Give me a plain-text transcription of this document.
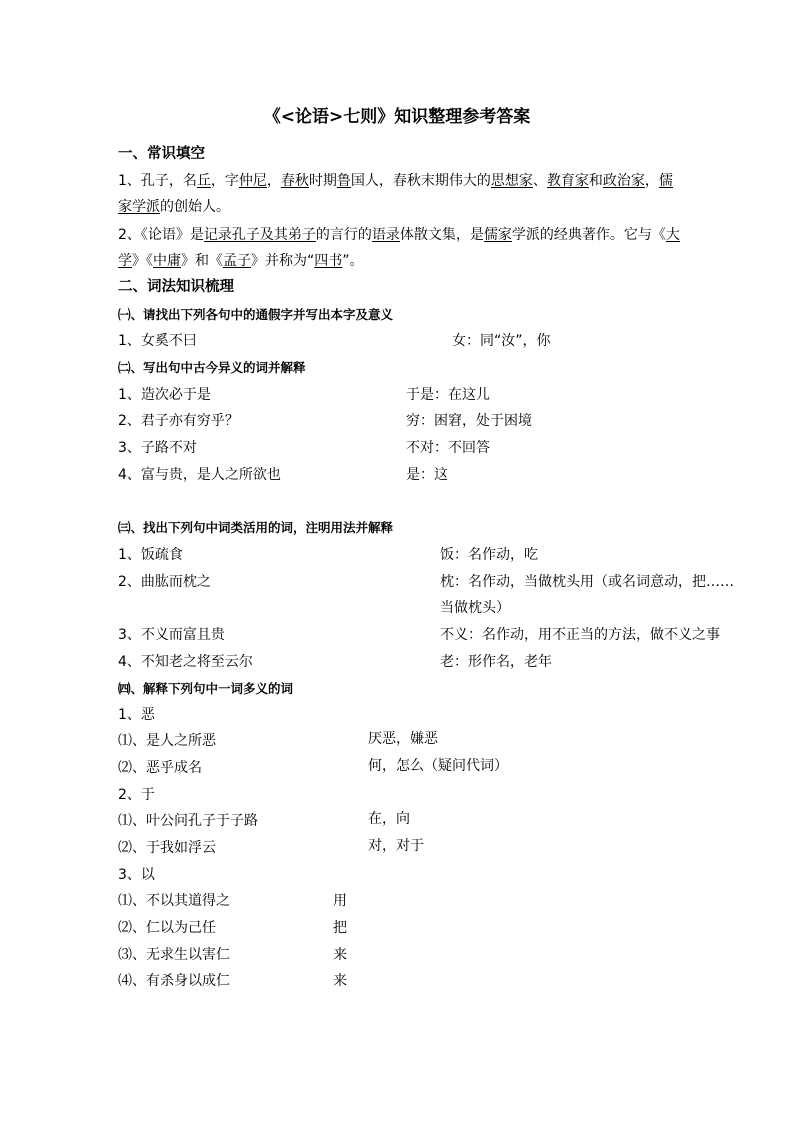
《<论语>七则》知识整理参考答案
一、常识填空
1、孔子，名丘，字仲尼，春秋时期鲁国人，春秋末期伟大的思想家、教育家和政治家，儒
家学派的创始人。
2、《论语》是记录孔子及其弟子的言行的语录体散文集，是儒家学派的经典著作。它与《大
学》《中庸》和《孟子》并称为“四书”。
二、词法知识梳理
㈠、请找出下列各句中的通假字并写出本字及意义
1、女奚不曰	女：同“汝”，你
㈡、写出句中古今异义的词并解释
1、造次必于是	于是：在这儿
2、君子亦有穷乎？	穷：困窘，处于困境
3、子路不对	不对：不回答
4、富与贵，是人之所欲也	是：这
㈢、找出下列句中词类活用的词，注明用法并解释
1、饭疏食	饭：名作动，吃
2、曲肱而枕之	枕：名作动，当做枕头用（或名词意动，把……
当做枕头）
3、不义而富且贵	不义：名作动，用不正当的方法，做不义之事
4、不知老之将至云尔	老：形作名，老年
㈣、解释下列句中一词多义的词
1、恶
⑴、是人之所恶	厌恶，嫌恶
⑵、恶乎成名	何，怎么（疑问代词）
2、于
⑴、叶公问孔子于子路	在，向
⑵、于我如浮云	对，对于
3、以
⑴、不以其道得之	用
⑵、仁以为己任	把
⑶、无求生以害仁	来
⑷、有杀身以成仁	来
